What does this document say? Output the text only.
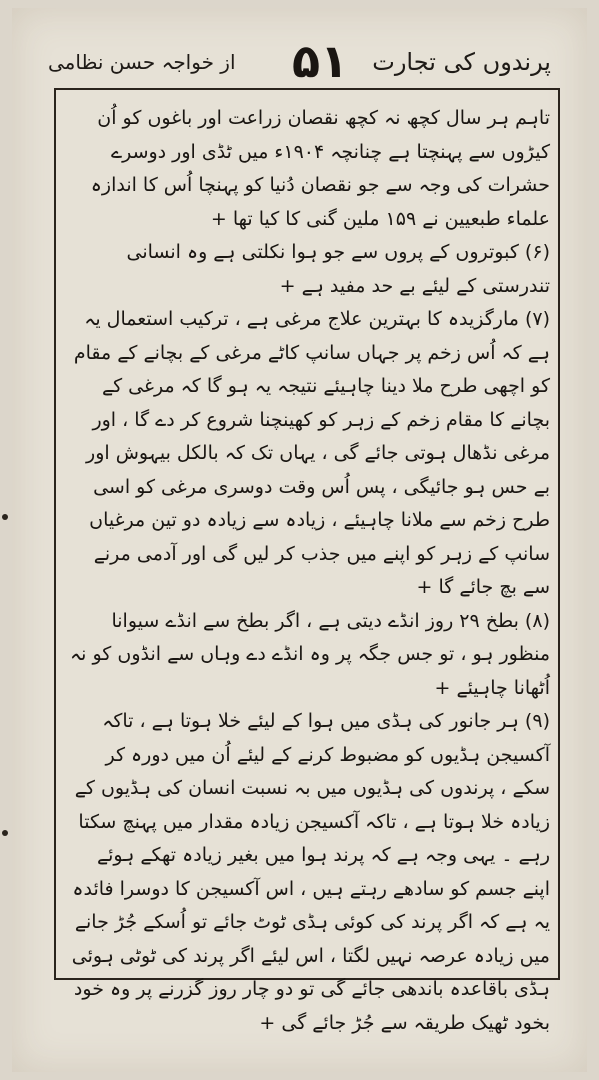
پرندوں کی تجارت
۵۱
از خواجہ حسن نظامی

تاہم ہر سال کچھ نہ کچھ نقصان زراعت اور باغوں کو اُن کیڑوں سے پہنچتا ہے چنانچہ ۱۹۰۴ء میں ٹڈی اور دوسرے حشرات کی وجہ سے جو نقصان دُنیا کو پہنچا اُس کا اندازہ علماء طبعیین نے ۱۵۹ ملین گنی کا کیا تھا +

(۶) کبوتروں کے پروں سے جو ہوا نکلتی ہے وہ انسانی تندرستی کے لیئے بے حد مفید ہے +

(۷) مارگزیدہ کا بہترین علاج مرغی ہے ، ترکیب استعمال یہ ہے کہ اُس زخم پر جہاں سانپ کاٹے مرغی کے بچانے کے مقام کو اچھی طرح ملا دینا چاہیئے نتیجہ یہ ہو گا کہ مرغی کے بچانے کا مقام زخم کے زہر کو کھینچنا شروع کر دے گا ، اور مرغی نڈھال ہوتی جائے گی ، یہاں تک کہ بالکل بیہوش اور بے حس ہو جائیگی ، پس اُس وقت دوسری مرغی کو اسی طرح زخم سے ملانا چاہیئے ، زیادہ سے زیادہ دو تین مرغیاں سانپ کے زہر کو اپنے میں جذب کر لیں گی اور آدمی مرنے سے بچ جائے گا +

(۸) بطخ ۲۹ روز انڈے دیتی ہے ، اگر بطخ سے انڈے سیوانا منظور ہو ، تو جس جگہ پر وہ انڈے دے وہاں سے انڈوں کو نہ اُٹھانا چاہیئے +

(۹) ہر جانور کی ہڈی میں ہوا کے لیئے خلا ہوتا ہے ، تاکہ آکسیجن ہڈیوں کو مضبوط کرنے کے لیئے اُن میں دورہ کر سکے ، پرندوں کی ہڈیوں میں بہ نسبت انسان کی ہڈیوں کے زیادہ خلا ہوتا ہے ، تاکہ آکسیجن زیادہ مقدار میں پہنچ سکتا رہے ۔ یہی وجہ ہے کہ پرند ہوا میں بغیر زیادہ تھکے ہوئے اپنے جسم کو سادھے رہتے ہیں ، اس آکسیجن کا دوسرا فائدہ یہ ہے کہ اگر پرند کی کوئی ہڈی ٹوٹ جائے تو اُسکے جُڑ جانے میں زیادہ عرصہ نہیں لگتا ، اس لیئے اگر پرند کی ٹوٹی ہوئی ہڈی باقاعدہ باندھی جائے گی تو دو چار روز گزرنے پر وہ خود بخود ٹھیک طریقہ سے جُڑ جائے گی +
